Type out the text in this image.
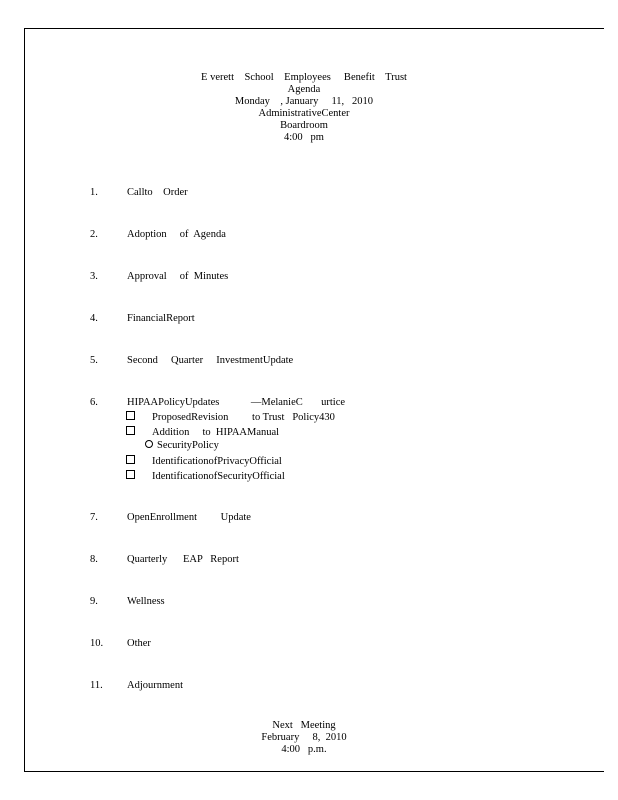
E verett    School    Employees     Benefit    Trust
Agenda
Monday    , January     11,   2010
AdministrativeCenter
Boardroom
4:00   pm
1.	Callto    Order
2.	Adoption     of  Agenda
3.	Approval     of  Minutes
4.	FinancialReport
5.	Second     Quarter     InvestmentUpdate
6.	HIPAAPolicyUpdates            —MelanieC       urtice
ProposedRevision         to Trust   Policy430
Addition     to  HIPAAManual
SecurityPolicy
IdentificationofPrivacyOfficial
IdentificationofSecurityOfficial
7.	OpenEnrollment         Update
8.	Quarterly      EAP   Report
9.	Wellness
10. Other
11. Adjournment
Next   Meeting
February     8,  2010
4:00   p.m.
